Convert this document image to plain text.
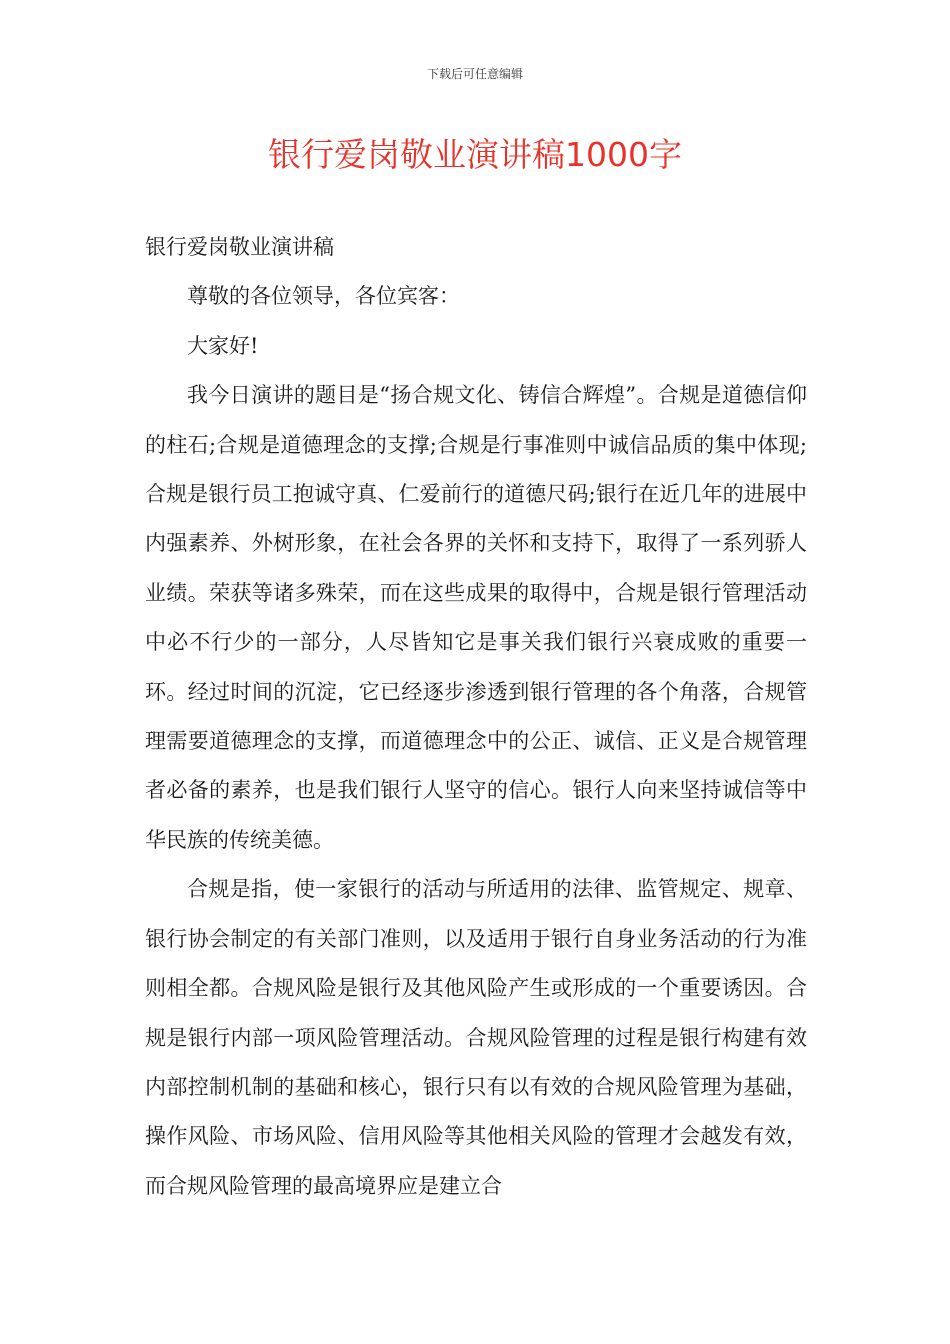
下载后可任意编辑
银行爱岗敬业演讲稿1000字

银行爱岗敬业演讲稿

尊敬的各位领导，各位宾客：

大家好!

我今日演讲的题目是“扬合规文化、铸信合辉煌”。合规是道德信仰的柱石;合规是道德理念的支撑;合规是行事准则中诚信品质的集中体现;合规是银行员工抱诚守真、仁爱前行的道德尺码;银行在近几年的进展中内强素养、外树形象，在社会各界的关怀和支持下，取得了一系列骄人业绩。荣获等诸多殊荣，而在这些成果的取得中，合规是银行管理活动中必不行少的一部分，人尽皆知它是事关我们银行兴衰成败的重要一环。经过时间的沉淀，它已经逐步渗透到银行管理的各个角落，合规管理需要道德理念的支撑，而道德理念中的公正、诚信、正义是合规管理者必备的素养，也是我们银行人坚守的信心。银行人向来坚持诚信等中华民族的传统美德。

合规是指，使一家银行的活动与所适用的法律、监管规定、规章、银行协会制定的有关部门准则，以及适用于银行自身业务活动的行为准则相全都。合规风险是银行及其他风险产生或形成的一个重要诱因。合规是银行内部一项风险管理活动。合规风险管理的过程是银行构建有效内部控制机制的基础和核心，银行只有以有效的合规风险管理为基础，操作风险、市场风险、信用风险等其他相关风险的管理才会越发有效，而合规风险管理的最高境界应是建立合
